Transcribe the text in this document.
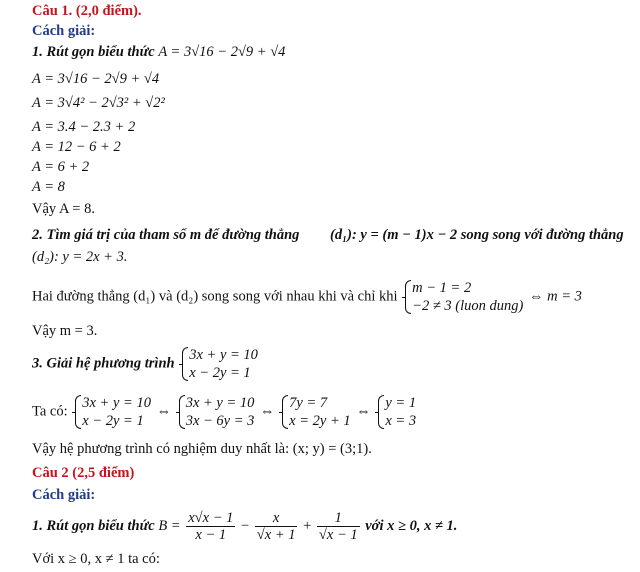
Câu 1. (2,0 điểm).
Cách giải:
1. Rút gọn biểu thức A = 3√16 − 2√9 + √4
A = 3√16 − 2√9 + √4
A = 3√4² − 2√3² + √2²
A = 3.4 − 2.3 + 2
A = 12 − 6 + 2
A = 6 + 2
A = 8
Vậy A = 8.
2. Tìm giá trị của tham số m để đường thẳng (d₁): y = (m − 1)x − 2 song song với đường thẳng
(d₂): y = 2x + 3.
Hai đường thẳng (d₁) và (d₂) song song với nhau khi và chỉ khi
m − 1 = 2
−2 ≠ 3 (luon dung)
⇔ m = 3
Vậy m = 3.
3. Giải hệ phương trình
3x + y = 10
x − 2y = 1
Ta có:
3x + y = 10
x − 2y = 1
⇔
3x + y = 10
3x − 6y = 3
⇔
7y = 7
x = 2y + 1
⇔
y = 1
x = 3
Vậy hệ phương trình có nghiệm duy nhất là: (x; y) = (3;1).
Câu 2 (2,5 điểm)
Cách giải:
1. Rút gọn biểu thức $B = \frac{x√x - 1}{x - 1} - \frac{x}{√x + 1} + \frac{1}{√x - 1}$ với x ≥ 0, x ≠ 1.
Với x ≥ 0, x ≠ 1 ta có:
